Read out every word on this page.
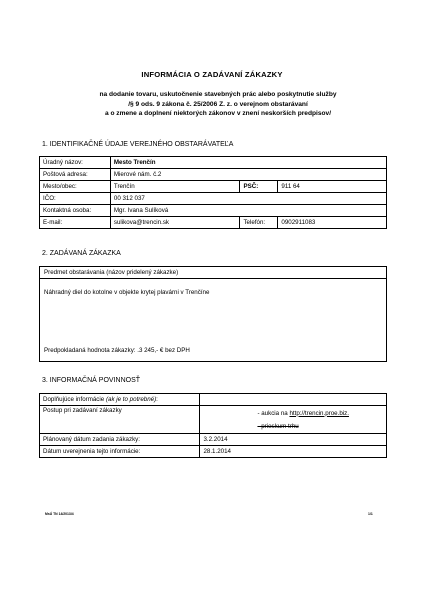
INFORMÁCIA O ZADÁVANÍ ZÁKAZKY
na dodanie tovaru, uskutočnenie stavebných prác alebo poskytnutie služby
/§ 9 ods. 9 zákona č. 25/2006 Z. z. o verejnom obstarávaní
a o zmene a doplnení niektorých zákonov v znení neskorších predpisov/
1. IDENTIFIKAČNÉ ÚDAJE VEREJNÉHO OBSTARÁVATEĽA
Úradný názov:	Mesto Trenčín		
Poštová adresa:	Mierové nám. č.2		
Mesto/obec:	Trenčín	PSČ:	911 64
IČO:	00 312 037		
Kontaktná osoba:	Mgr. Ivana Sulíková		
E-mail:	sulikova@trencin.sk	Telefón:	0902911083
2. ZADÁVANÁ ZÁKAZKA
Predmet obstarávania (názov pridelený zákazke)
Náhradný diel do kotolne v objekte krytej plavárni v Trenčíne
Predpokladaná hodnota zákazky: .3 245,- € bez DPH
3. INFORMAČNÁ POVINNOSŤ
Doplňujúce informácie (ak je to potrebné):	
Postup pri zadávaní zákazky	- aukcia na http://trencin.proe.biz.
- prieskum trhu

Plánovaný dátum zadania zákazky:	3.2.2014
Dátum uverejnenia tejto informácie:	28.1.2014
MsÚ TN 14/2013/4	1/1
